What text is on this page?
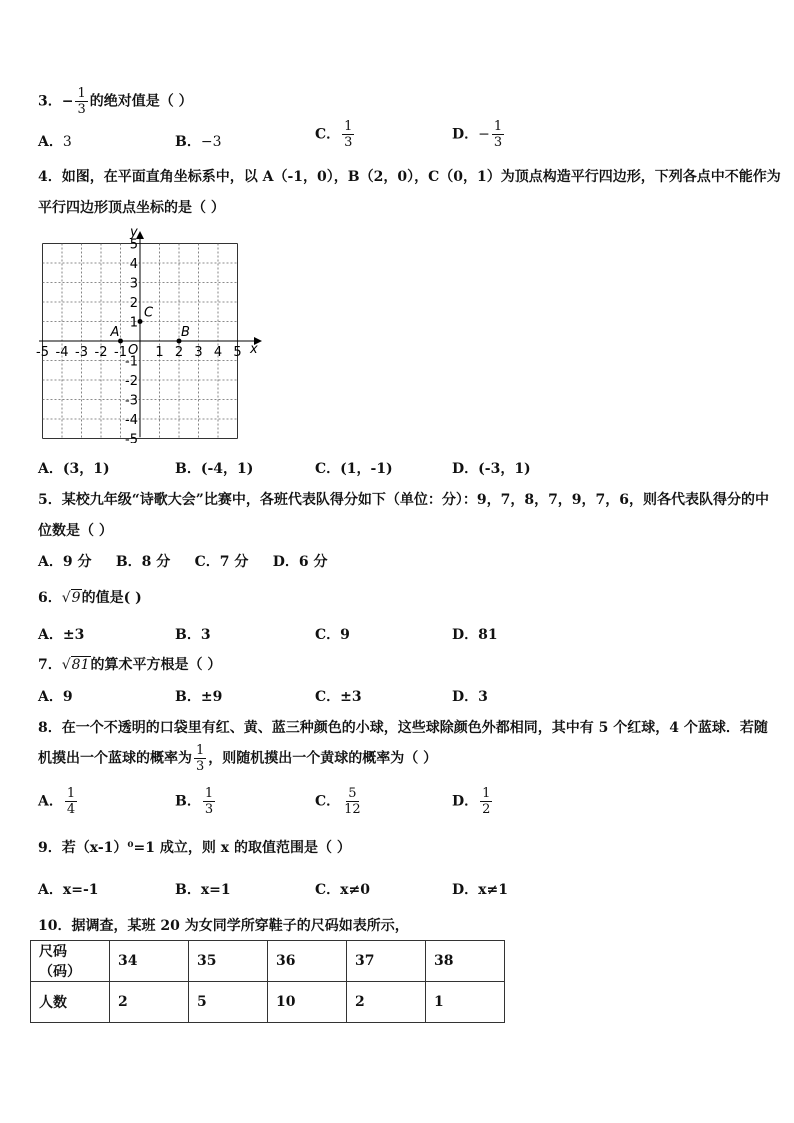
3．− $\frac{1}{3}$ 的绝对值是（ ）
A．3	B．−3	C． $\frac{1}{3}$	D．− $\frac{1}{3}$
4．如图，在平面直角坐标系中，以 A（-1，0），B（2，0），C（0，1）为顶点构造平行四边形，下列各点中不能作为
平行四边形顶点坐标的是（ ）
x
y
O
-5 -4 -3 -2 -1 1 2 3 4 5
5
4
3
2
1
-1
-2
-3
-4
-5
A	B
C
A．(3，1)	B．(-4，1)	C．(1，-1)	D．(-3，1)
5．某校九年级“诗歌大会”比赛中，各班代表队得分如下（单位：分）：9，7，8，7，9，7，6，则各代表队得分的中
位数是（ ）
A．9 分     B．8 分     C．7 分     D．6 分
6．√9的值是( )
A．±3	B．3	C．9	D．81
7．√81的算术平方根是（ ）
A．9	B．±9	C．±3	D．3
8．在一个不透明的口袋里有红、黄、蓝三种颜色的小球，这些球除颜色外都相同，其中有 5 个红球，4 个蓝球．若随
机摸出一个蓝球的概率为 $\frac{1}{3}$ ，则随机摸出一个黄球的概率为（ ）
A． $\frac{1}{4}$	B． $\frac{1}{3}$	C． $\frac{5}{12}$	D． $\frac{1}{2}$
9．若（x-1）⁰=1 成立，则 x 的取值范围是（ ）
A．x=-1	B．x=1	C．x≠0	D．x≠1
10．据调查，某班 20 为女同学所穿鞋子的尺码如表所示，
尺码（码）	34	35	36	37	38
人数	2	5	10	2	1
